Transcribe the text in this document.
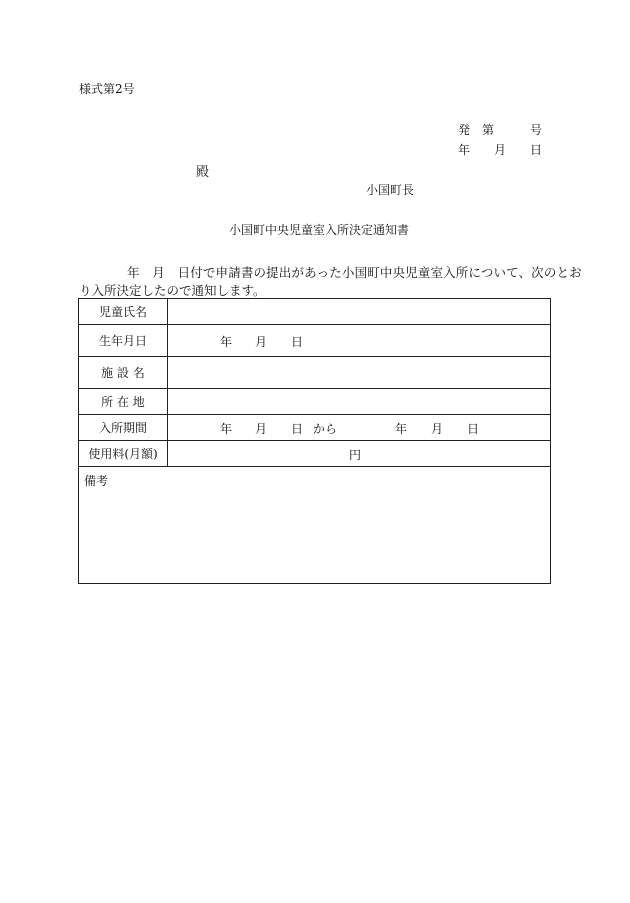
様式第2号
発 第	号
年 月 日
殿
小国町長
小国町中央児童室入所決定通知書
年　月　日付で申請書の提出があった小国町中央児童室入所について、次のとお
り入所決定したので通知します。
児童氏名
生年月日	年 月 日
施 設 名
所 在 地
入所期間	年 月 日 から	年 月 日
使用料(月額)	円
備考
